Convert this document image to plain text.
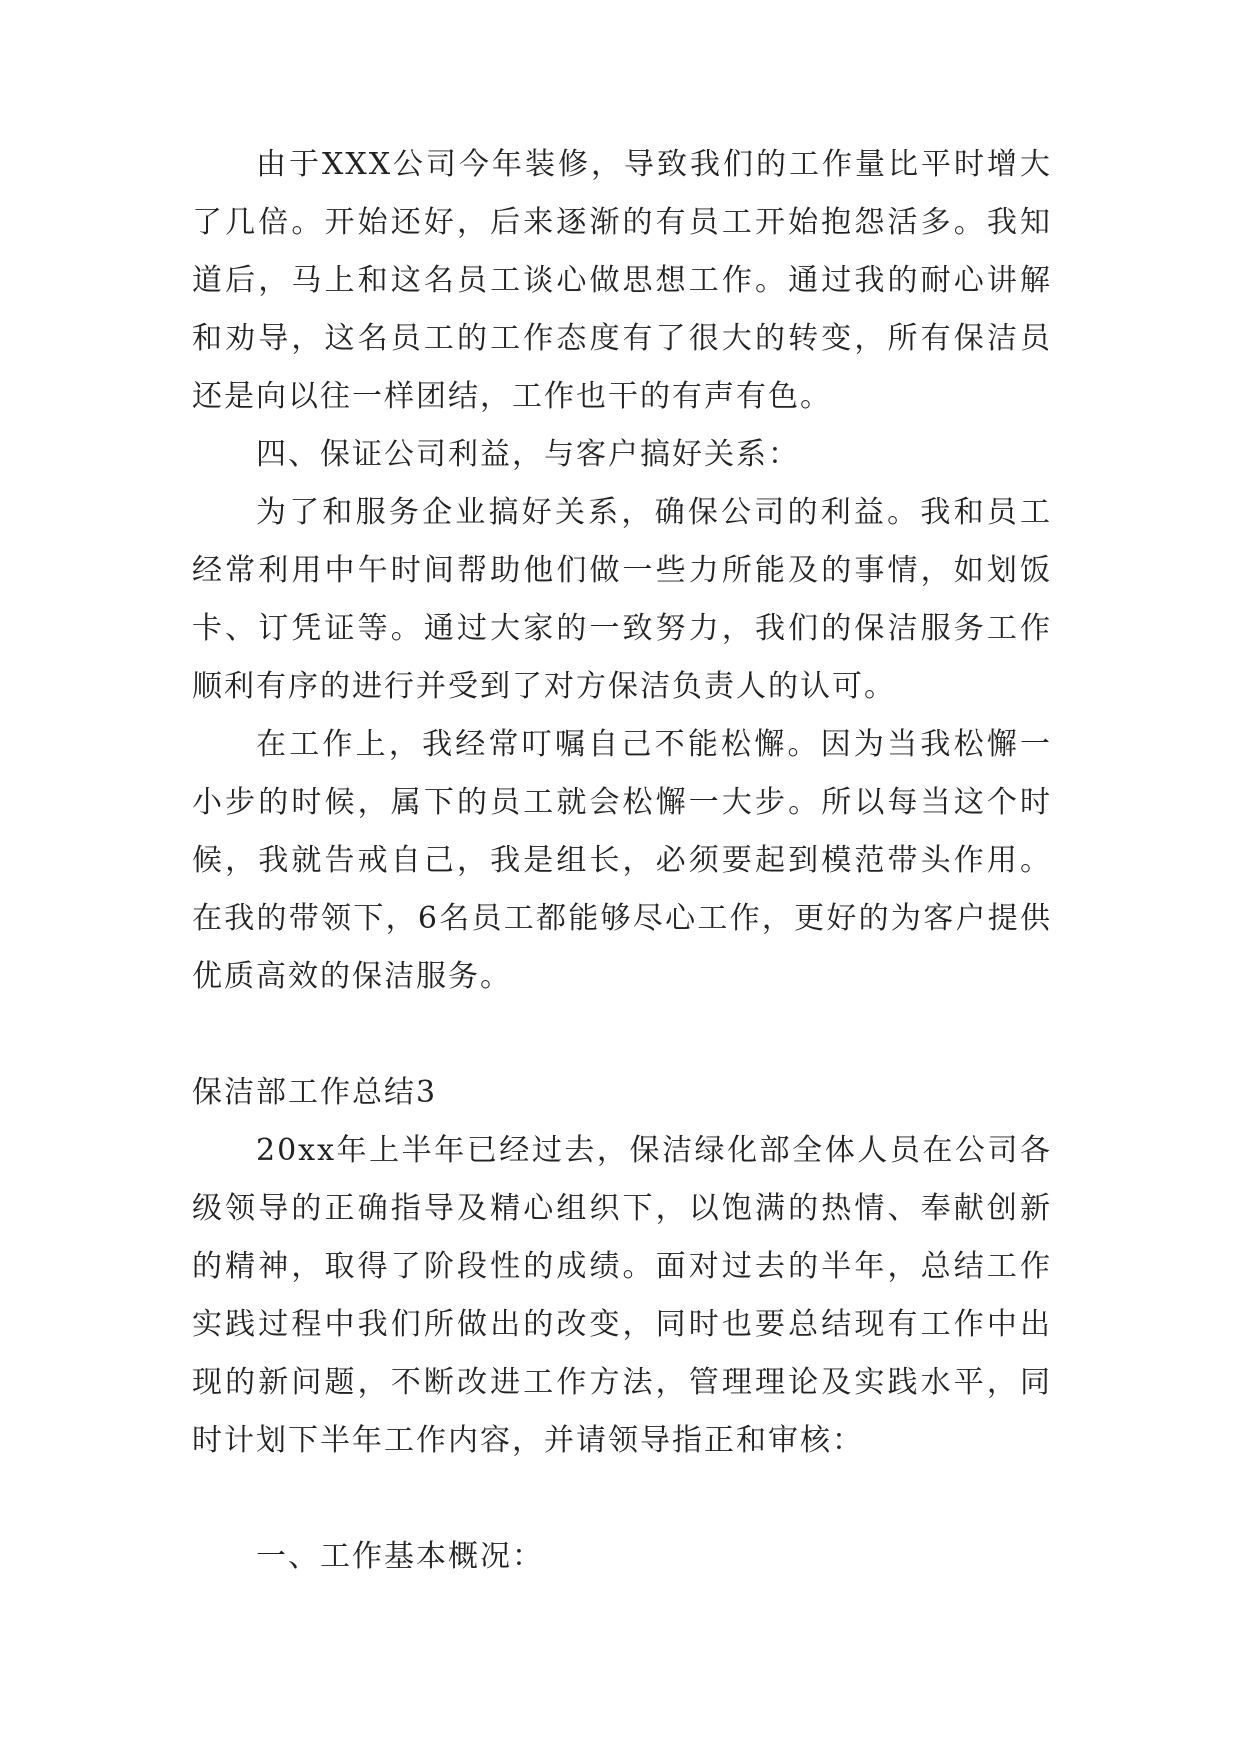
由于XXX公司今年装修，导致我们的工作量比平时增大了几倍。开始还好，后来逐渐的有员工开始抱怨活多。我知道后，马上和这名员工谈心做思想工作。通过我的耐心讲解和劝导，这名员工的工作态度有了很大的转变，所有保洁员还是向以往一样团结，工作也干的有声有色。

四、保证公司利益，与客户搞好关系：

为了和服务企业搞好关系，确保公司的利益。我和员工经常利用中午时间帮助他们做一些力所能及的事情，如划饭卡、订凭证等。通过大家的一致努力，我们的保洁服务工作顺利有序的进行并受到了对方保洁负责人的认可。

在工作上，我经常叮嘱自己不能松懈。因为当我松懈一小步的时候，属下的员工就会松懈一大步。所以每当这个时候，我就告戒自己，我是组长，必须要起到模范带头作用。在我的带领下，6名员工都能够尽心工作，更好的为客户提供优质高效的保洁服务。

保洁部工作总结3

20xx年上半年已经过去，保洁绿化部全体人员在公司各级领导的正确指导及精心组织下，以饱满的热情、奉献创新的精神，取得了阶段性的成绩。面对过去的半年，总结工作实践过程中我们所做出的改变，同时也要总结现有工作中出现的新问题，不断改进工作方法，管理理论及实践水平，同时计划下半年工作内容，并请领导指正和审核：

一、工作基本概况：
